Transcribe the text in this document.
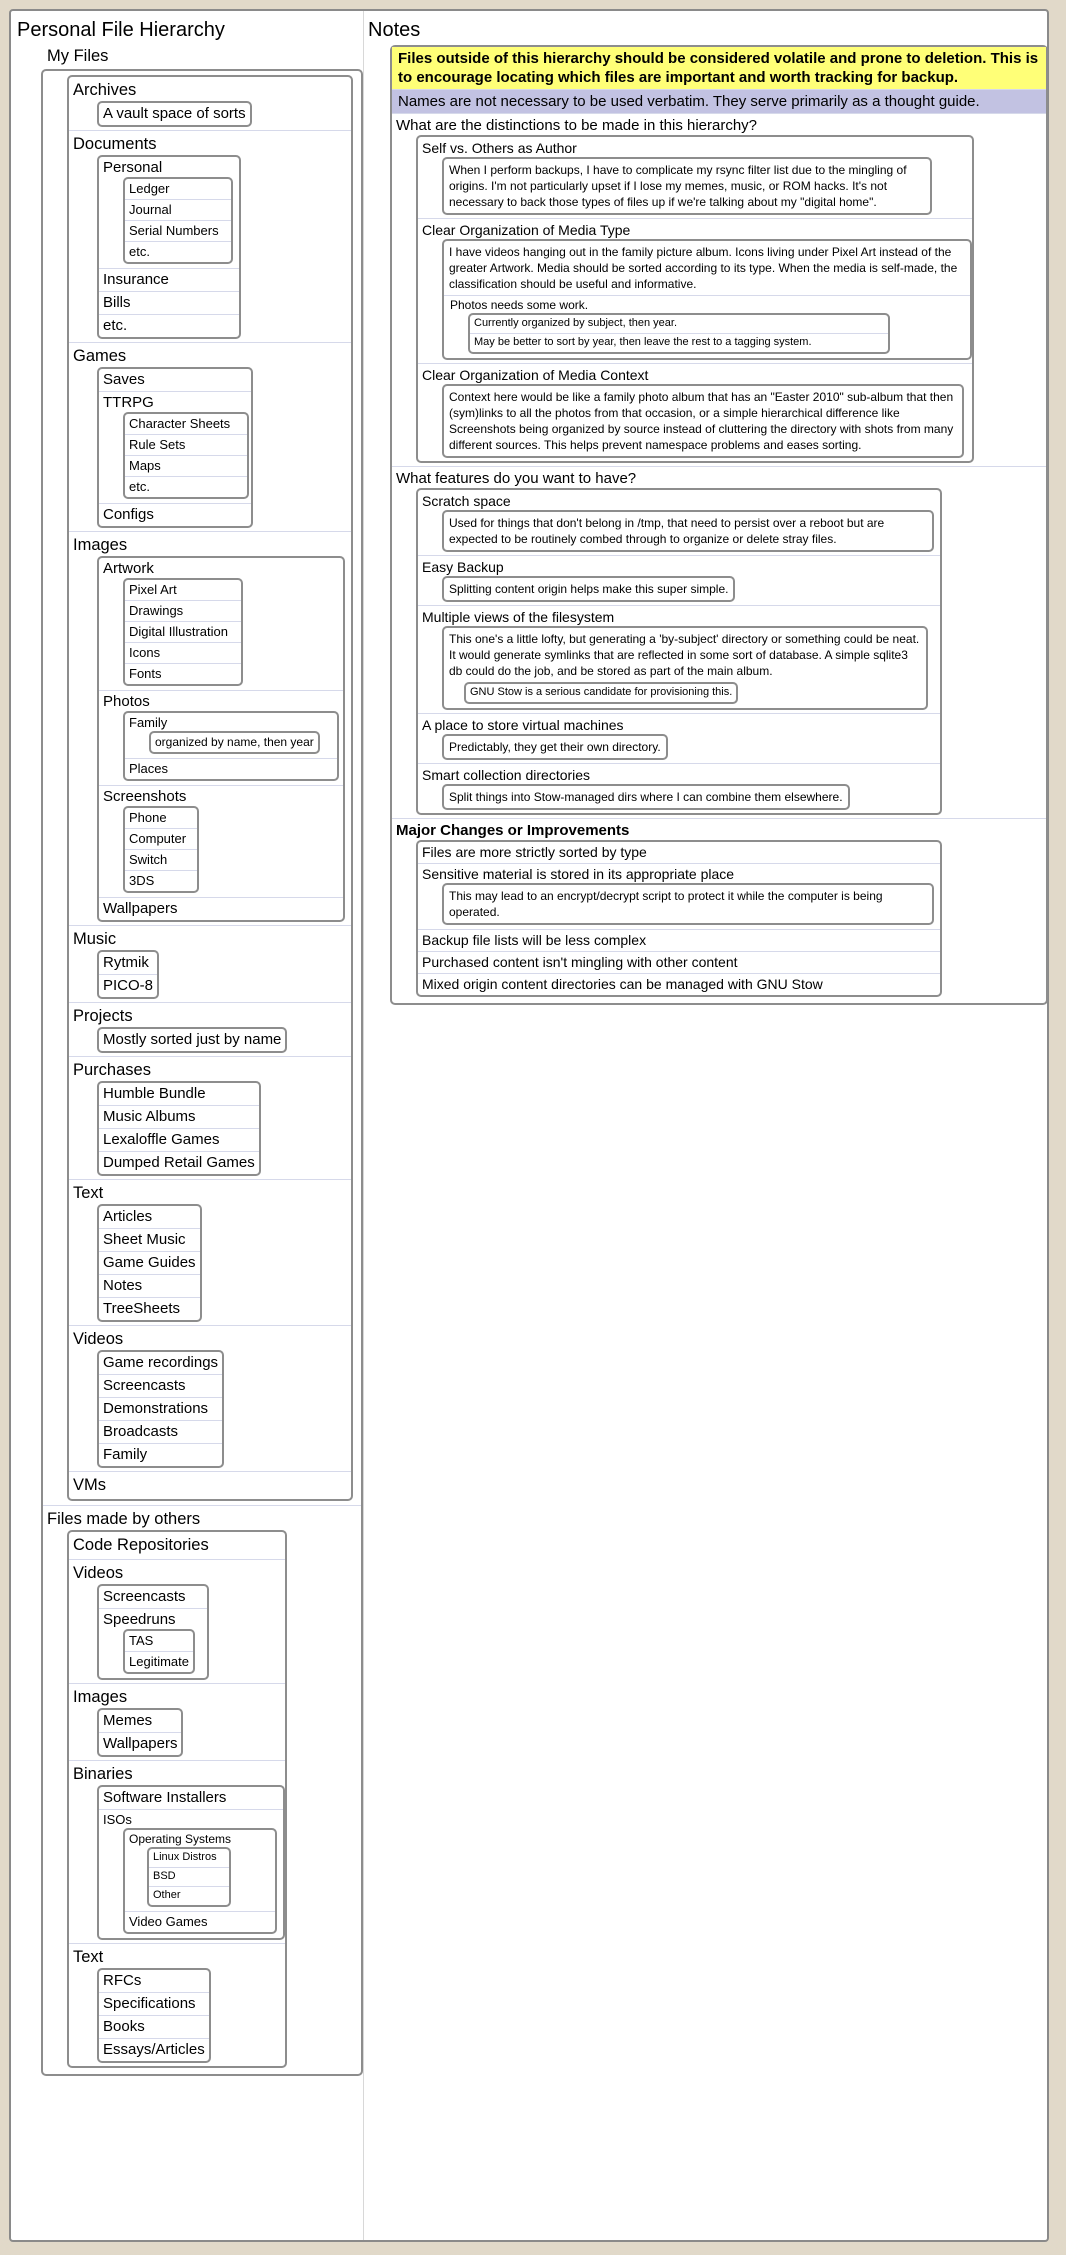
Personal File Hierarchy
My Files
Archives
A vault space of sorts
Documents
Personal
Ledger
Journal
Serial Numbers
etc.
Insurance
Bills
etc.
Games
Saves
TTRPG
Character Sheets
Rule Sets
Maps
etc.
Configs
Images
Artwork
Pixel Art
Drawings
Digital Illustration
Icons
Fonts
Photos
Family
organized by name, then year
Places
Screenshots
Phone
Computer
Switch
3DS
Wallpapers
Music
Rytmik
PICO-8
Projects
Mostly sorted just by name
Purchases
Humble Bundle
Music Albums
Lexaloffle Games
Dumped Retail Games
Text
Articles
Sheet Music
Game Guides
Notes
TreeSheets
Videos
Game recordings
Screencasts
Demonstrations
Broadcasts
Family
VMs
Files made by others
Code Repositories
Videos
Screencasts
Speedruns
TAS
Legitimate
Images
Memes
Wallpapers
Binaries
Software Installers
ISOs
Operating Systems
Linux Distros
BSD
Other
Video Games
Text
RFCs
Specifications
Books
Essays/Articles
Notes
Files outside of this hierarchy should be considered volatile and prone to deletion. This is to encourage locating which files are important and worth tracking for backup.
Names are not necessary to be used verbatim. They serve primarily as a thought guide.
What are the distinctions to be made in this hierarchy?
Self vs. Others as Author
When I perform backups, I have to complicate my rsync filter list due to the mingling of origins. I'm not particularly upset if I lose my memes, music, or ROM hacks. It's not necessary to back those types of files up if we're talking about my "digital home".
Clear Organization of Media Type
I have videos hanging out in the family picture album. Icons living under Pixel Art instead of the greater Artwork. Media should be sorted according to its type. When the media is self-made, the classification should be useful and informative.
Photos needs some work.
Currently organized by subject, then year.
May be better to sort by year, then leave the rest to a tagging system.
Clear Organization of Media Context
Context here would be like a family photo album that has an "Easter 2010" sub-album that then (sym)links to all the photos from that occasion, or a simple hierarchical difference like Screenshots being organized by source instead of cluttering the directory with shots from many different sources. This helps prevent namespace problems and eases sorting.
What features do you want to have?
Scratch space
Used for things that don't belong in /tmp, that need to persist over a reboot but are expected to be routinely combed through to organize or delete stray files.
Easy Backup
Splitting content origin helps make this super simple.
Multiple views of the filesystem
This one's a little lofty, but generating a 'by-subject' directory or something could be neat. It would generate symlinks that are reflected in some sort of database. A simple sqlite3 db could do the job, and be stored as part of the main album.
GNU Stow is a serious candidate for provisioning this.
A place to store virtual machines
Predictably, they get their own directory.
Smart collection directories
Split things into Stow-managed dirs where I can combine them elsewhere.
Major Changes or Improvements
Files are more strictly sorted by type
Sensitive material is stored in its appropriate place
This may lead to an encrypt/decrypt script to protect it while the computer is being operated.
Backup file lists will be less complex
Purchased content isn't mingling with other content
Mixed origin content directories can be managed with GNU Stow
